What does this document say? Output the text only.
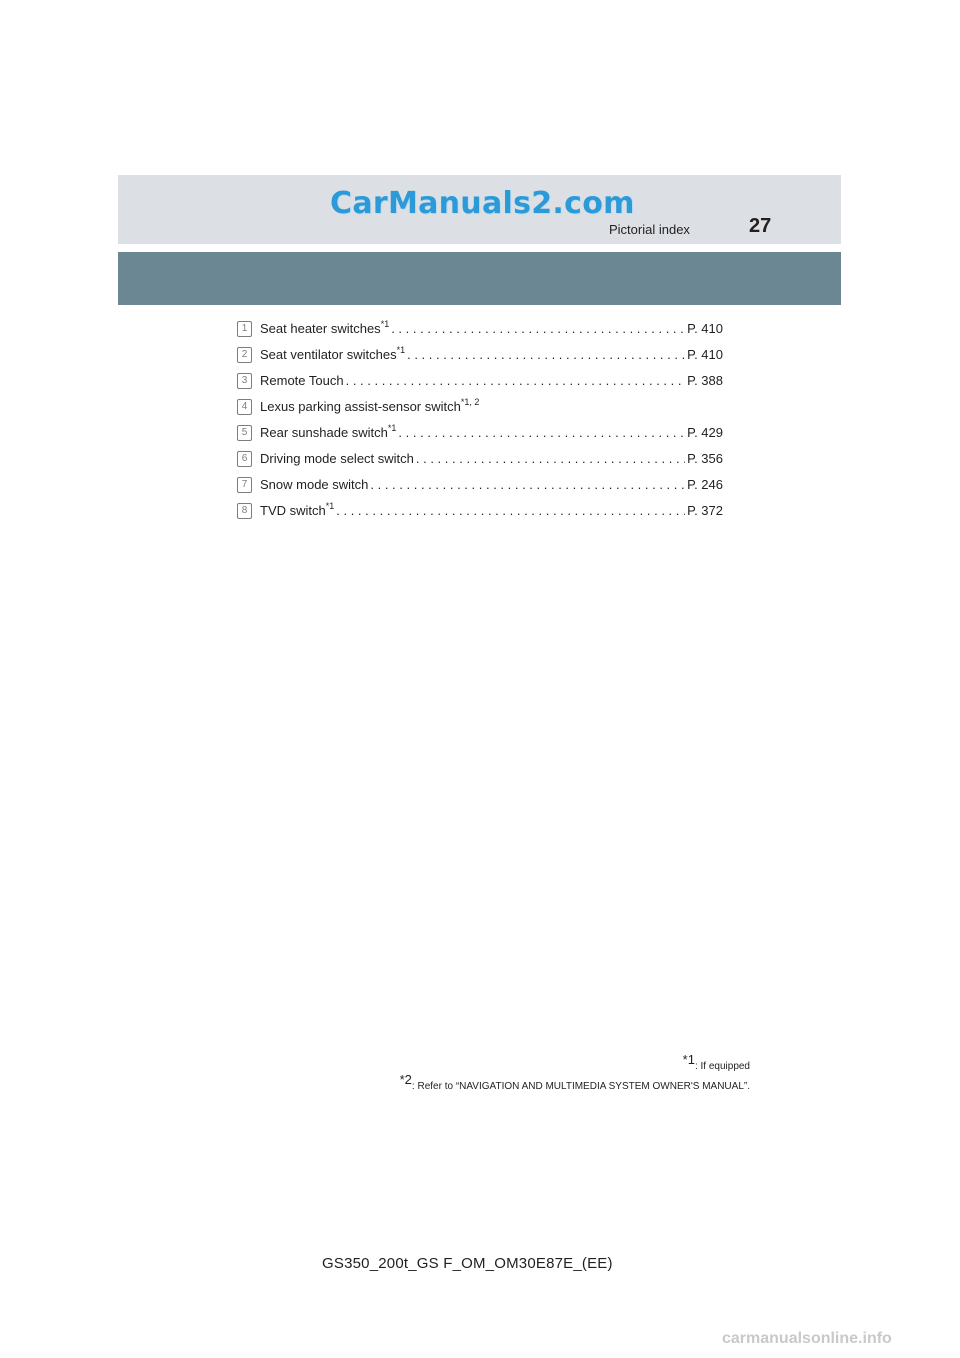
CarManuals2.com
Pictorial index	27
1 Seat heater switches$^{*1}$ . . .	P. 410
2 Seat ventilator switches$^{*1}$ . . .	P. 410
3 Remote Touch . . .	P. 388
4 Lexus parking assist-sensor switch$^{*1, 2}$
5 Rear sunshade switch$^{*1}$ . . .	P. 429
6 Driving mode select switch . . .	P. 356
7 Snow mode switch . . .	P. 246
8 TVD switch$^{*1}$ . . .	P. 372
$^{*1}$: If equipped
$^{*2}$: Refer to “NAVIGATION AND MULTIMEDIA SYSTEM OWNER'S MANUAL”.
GS350_200t_GS F_OM_OM30E87E_(EE)
carmanualsonline.info
